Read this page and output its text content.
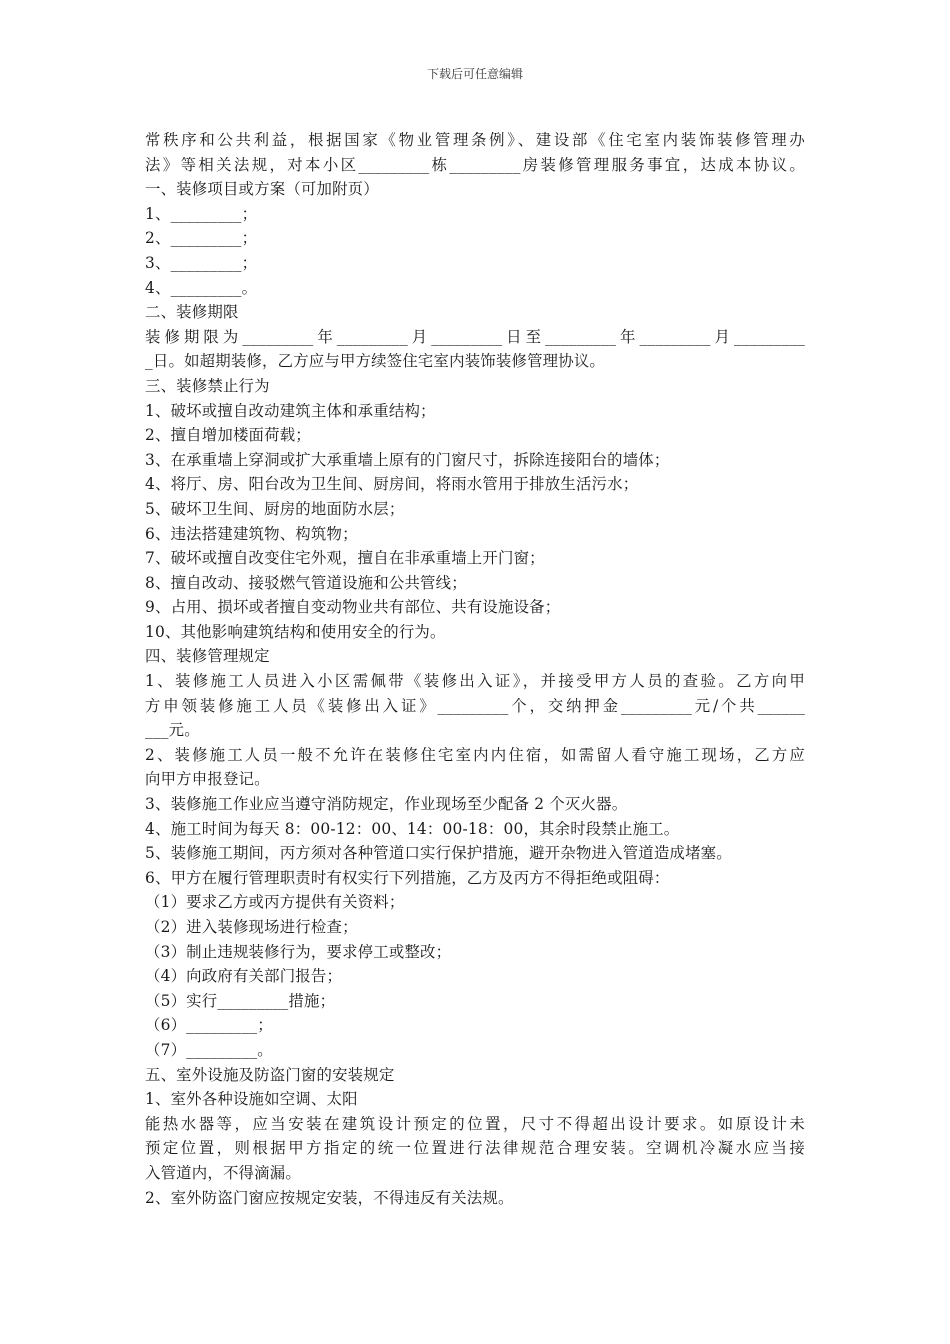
下载后可任意编辑
常秩序和公共利益，根据国家《物业管理条例》、建设部《住宅室内装饰装修管理办
法》等相关法规，对本小区_________栋_________房装修管理服务事宜，达成本协议。
一、装修项目或方案（可加附页）
1、_________；
2、_________；
3、_________；
4、_________。
二、装修期限
装修期限为_________年_________月_________日至_________年_________月_________
_日。如超期装修，乙方应与甲方续签住宅室内装饰装修管理协议。
三、装修禁止行为
1、破坏或擅自改动建筑主体和承重结构；
2、擅自增加楼面荷载；
3、在承重墙上穿洞或扩大承重墙上原有的门窗尺寸，拆除连接阳台的墙体；
4、将厅、房、阳台改为卫生间、厨房间，将雨水管用于排放生活污水；
5、破坏卫生间、厨房的地面防水层；
6、违法搭建建筑物、构筑物；
7、破坏或擅自改变住宅外观，擅自在非承重墙上开门窗；
8、擅自改动、接驳燃气管道设施和公共管线；
9、占用、损坏或者擅自变动物业共有部位、共有设施设备；
10、其他影响建筑结构和使用安全的行为。
四、装修管理规定
1、装修施工人员进入小区需佩带《装修出入证》，并接受甲方人员的查验。乙方向甲
方申领装修施工人员《装修出入证》_________个，交纳押金_________元/个共______
___元。
2、装修施工人员一般不允许在装修住宅室内内住宿，如需留人看守施工现场，乙方应
向甲方申报登记。
3、装修施工作业应当遵守消防规定，作业现场至少配备 2 个灭火器。
4、施工时间为每天 8：00-12：00、14：00-18：00，其余时段禁止施工。
5、装修施工期间，丙方须对各种管道口实行保护措施，避开杂物进入管道造成堵塞。
6、甲方在履行管理职责时有权实行下列措施，乙方及丙方不得拒绝或阻碍：
（1）要求乙方或丙方提供有关资料；
（2）进入装修现场进行检查；
（3）制止违规装修行为，要求停工或整改；
（4）向政府有关部门报告；
（5）实行_________措施；
（6）_________；
（7）_________。
五、室外设施及防盗门窗的安装规定
1、室外各种设施如空调、太阳
能热水器等，应当安装在建筑设计预定的位置，尺寸不得超出设计要求。如原设计未
预定位置，则根据甲方指定的统一位置进行法律规范合理安装。空调机冷凝水应当接
入管道内，不得滴漏。
2、室外防盗门窗应按规定安装，不得违反有关法规。
